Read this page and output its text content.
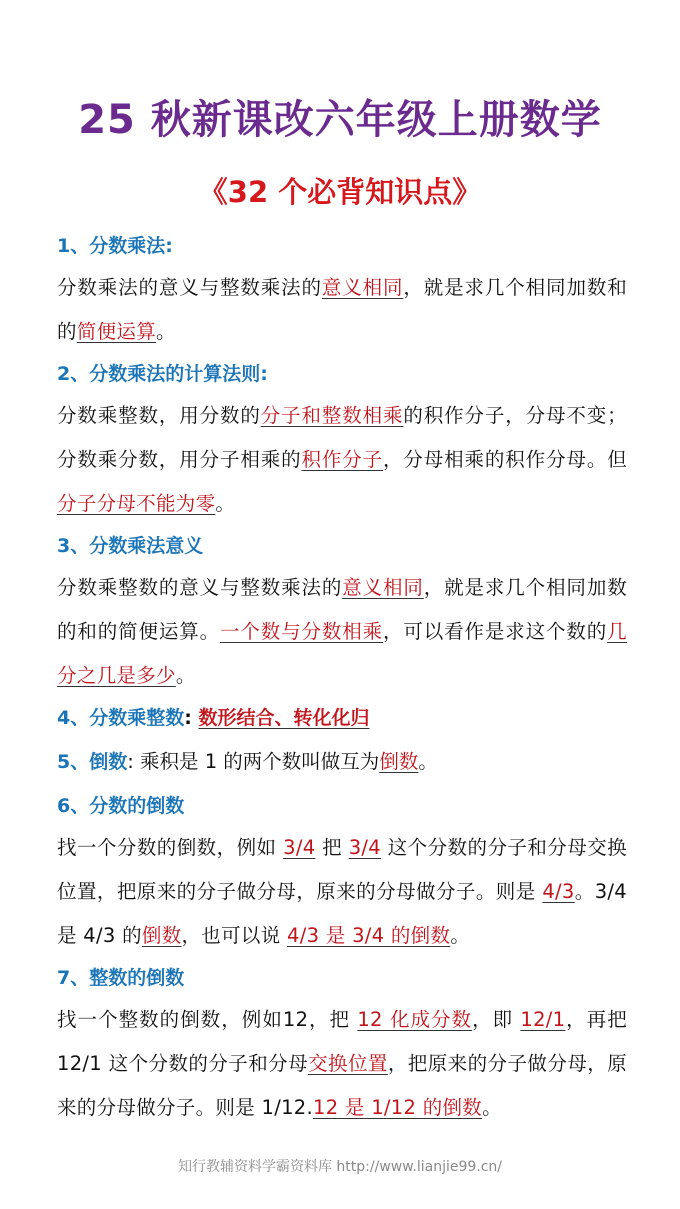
25 秋新课改六年级上册数学
《32 个必背知识点》
1、分数乘法:
分数乘法的意义与整数乘法的意义相同，就是求几个相同加数和的简便运算。
2、分数乘法的计算法则:
分数乘整数，用分数的分子和整数相乘的积作分子，分母不变；分数乘分数，用分子相乘的积作分子，分母相乘的积作分母。但分子分母不能为零。
3、分数乘法意义
分数乘整数的意义与整数乘法的意义相同，就是求几个相同加数的和的简便运算。一个数与分数相乘，可以看作是求这个数的几分之几是多少。
4、分数乘整数: 数形结合、转化化归
5、倒数: 乘积是 1 的两个数叫做互为倒数。
6、分数的倒数
找一个分数的倒数，例如 3/4 把 3/4 这个分数的分子和分母交换位置，把原来的分子做分母，原来的分母做分子。则是 4/3。3/4 是 4/3 的倒数，也可以说 4/3 是 3/4 的倒数。
7、整数的倒数
找一个整数的倒数，例如12，把 12 化成分数，即 12/1，再把 12/1 这个分数的分子和分母交换位置，把原来的分子做分母，原来的分母做分子。则是 1/12.12 是 1/12 的倒数。
知行教辅资料学霸资料库 http://www.lianjie99.cn/
